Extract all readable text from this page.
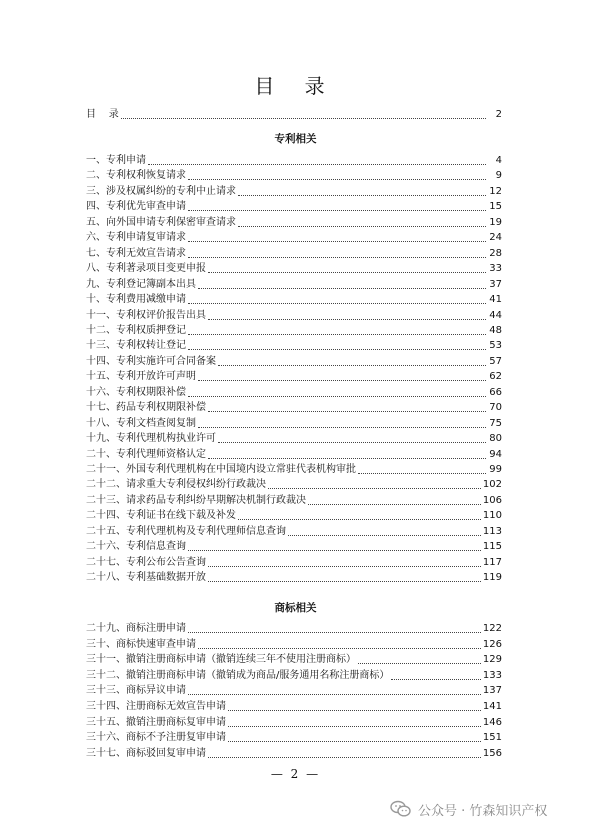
目 录
目    录	2
专利相关
一、专利申请	4
二、专利权利恢复请求	9
三、涉及权属纠纷的专利中止请求	12
四、专利优先审查申请	15
五、向外国申请专利保密审查请求	19
六、专利申请复审请求	24
七、专利无效宣告请求	28
八、专利著录项目变更申报	33
九、专利登记簿副本出具	37
十、专利费用减缴申请	41
十一、专利权评价报告出具	44
十二、专利权质押登记	48
十三、专利权转让登记	53
十四、专利实施许可合同备案	57
十五、专利开放许可声明	62
十六、专利权期限补偿	66
十七、药品专利权期限补偿	70
十八、专利文档查阅复制	75
十九、专利代理机构执业许可	80
二十、专利代理师资格认定	94
二十一、外国专利代理机构在中国境内设立常驻代表机构审批	99
二十二、请求重大专利侵权纠纷行政裁决	102
二十三、请求药品专利纠纷早期解决机制行政裁决	106
二十四、专利证书在线下载及补发	110
二十五、专利代理机构及专利代理师信息查询	113
二十六、专利信息查询	115
二十七、专利公布公告查询	117
二十八、专利基础数据开放	119
商标相关
二十九、商标注册申请	122
三十、商标快速审查申请	126
三十一、撤销注册商标申请（撤销连续三年不使用注册商标）	129
三十二、撤销注册商标申请（撤销成为商品/服务通用名称注册商标）	133
三十三、商标异议申请	137
三十四、注册商标无效宣告申请	141
三十五、撤销注册商标复审申请	146
三十六、商标不予注册复审申请	151
三十七、商标驳回复审申请	156
— 2 —
公众号 · 竹森知识产权
